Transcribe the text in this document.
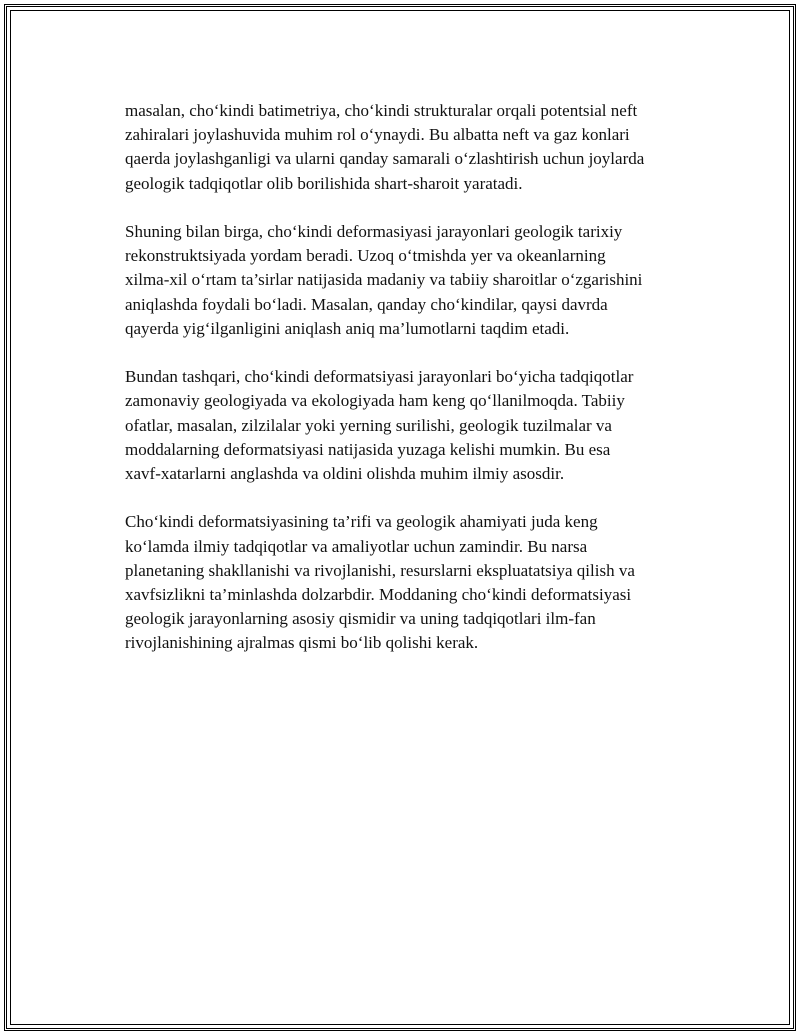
masalan, cho‘kindi batimetriya, cho‘kindi strukturalar orqali potentsial neft
zahiralari joylashuvida muhim rol o‘ynaydi. Bu albatta neft va gaz konlari
qaerda joylashganligi va ularni qanday samarali o‘zlashtirish uchun joylarda
geologik tadqiqotlar olib borilishida shart-sharoit yaratadi.

Shuning bilan birga, cho‘kindi deformasiyasi jarayonlari geologik tarixiy
rekonstruktsiyada yordam beradi. Uzoq o‘tmishda yer va okeanlarning
xilma-xil o‘rtam ta’sirlar natijasida madaniy va tabiiy sharoitlar o‘zgarishini
aniqlashda foydali bo‘ladi. Masalan, qanday cho‘kindilar, qaysi davrda
qayerda yig‘ilganligini aniqlash aniq ma’lumotlarni taqdim etadi.

Bundan tashqari, cho‘kindi deformatsiyasi jarayonlari bo‘yicha tadqiqotlar
zamonaviy geologiyada va ekologiyada ham keng qo‘llanilmoqda. Tabiiy
ofatlar, masalan, zilzilalar yoki yerning surilishi, geologik tuzilmalar va
moddalarning deformatsiyasi natijasida yuzaga kelishi mumkin. Bu esa
xavf-xatarlarni anglashda va oldini olishda muhim ilmiy asosdir.

Cho‘kindi deformatsiyasining ta’rifi va geologik ahamiyati juda keng
ko‘lamda ilmiy tadqiqotlar va amaliyotlar uchun zamindir. Bu narsa
planetaning shakllanishi va rivojlanishi, resurslarni ekspluatatsiya qilish va
xavfsizlikni ta’minlashda dolzarbdir. Moddaning cho‘kindi deformatsiyasi
geologik jarayonlarning asosiy qismidir va uning tadqiqotlari ilm-fan
rivojlanishining ajralmas qismi bo‘lib qolishi kerak.
